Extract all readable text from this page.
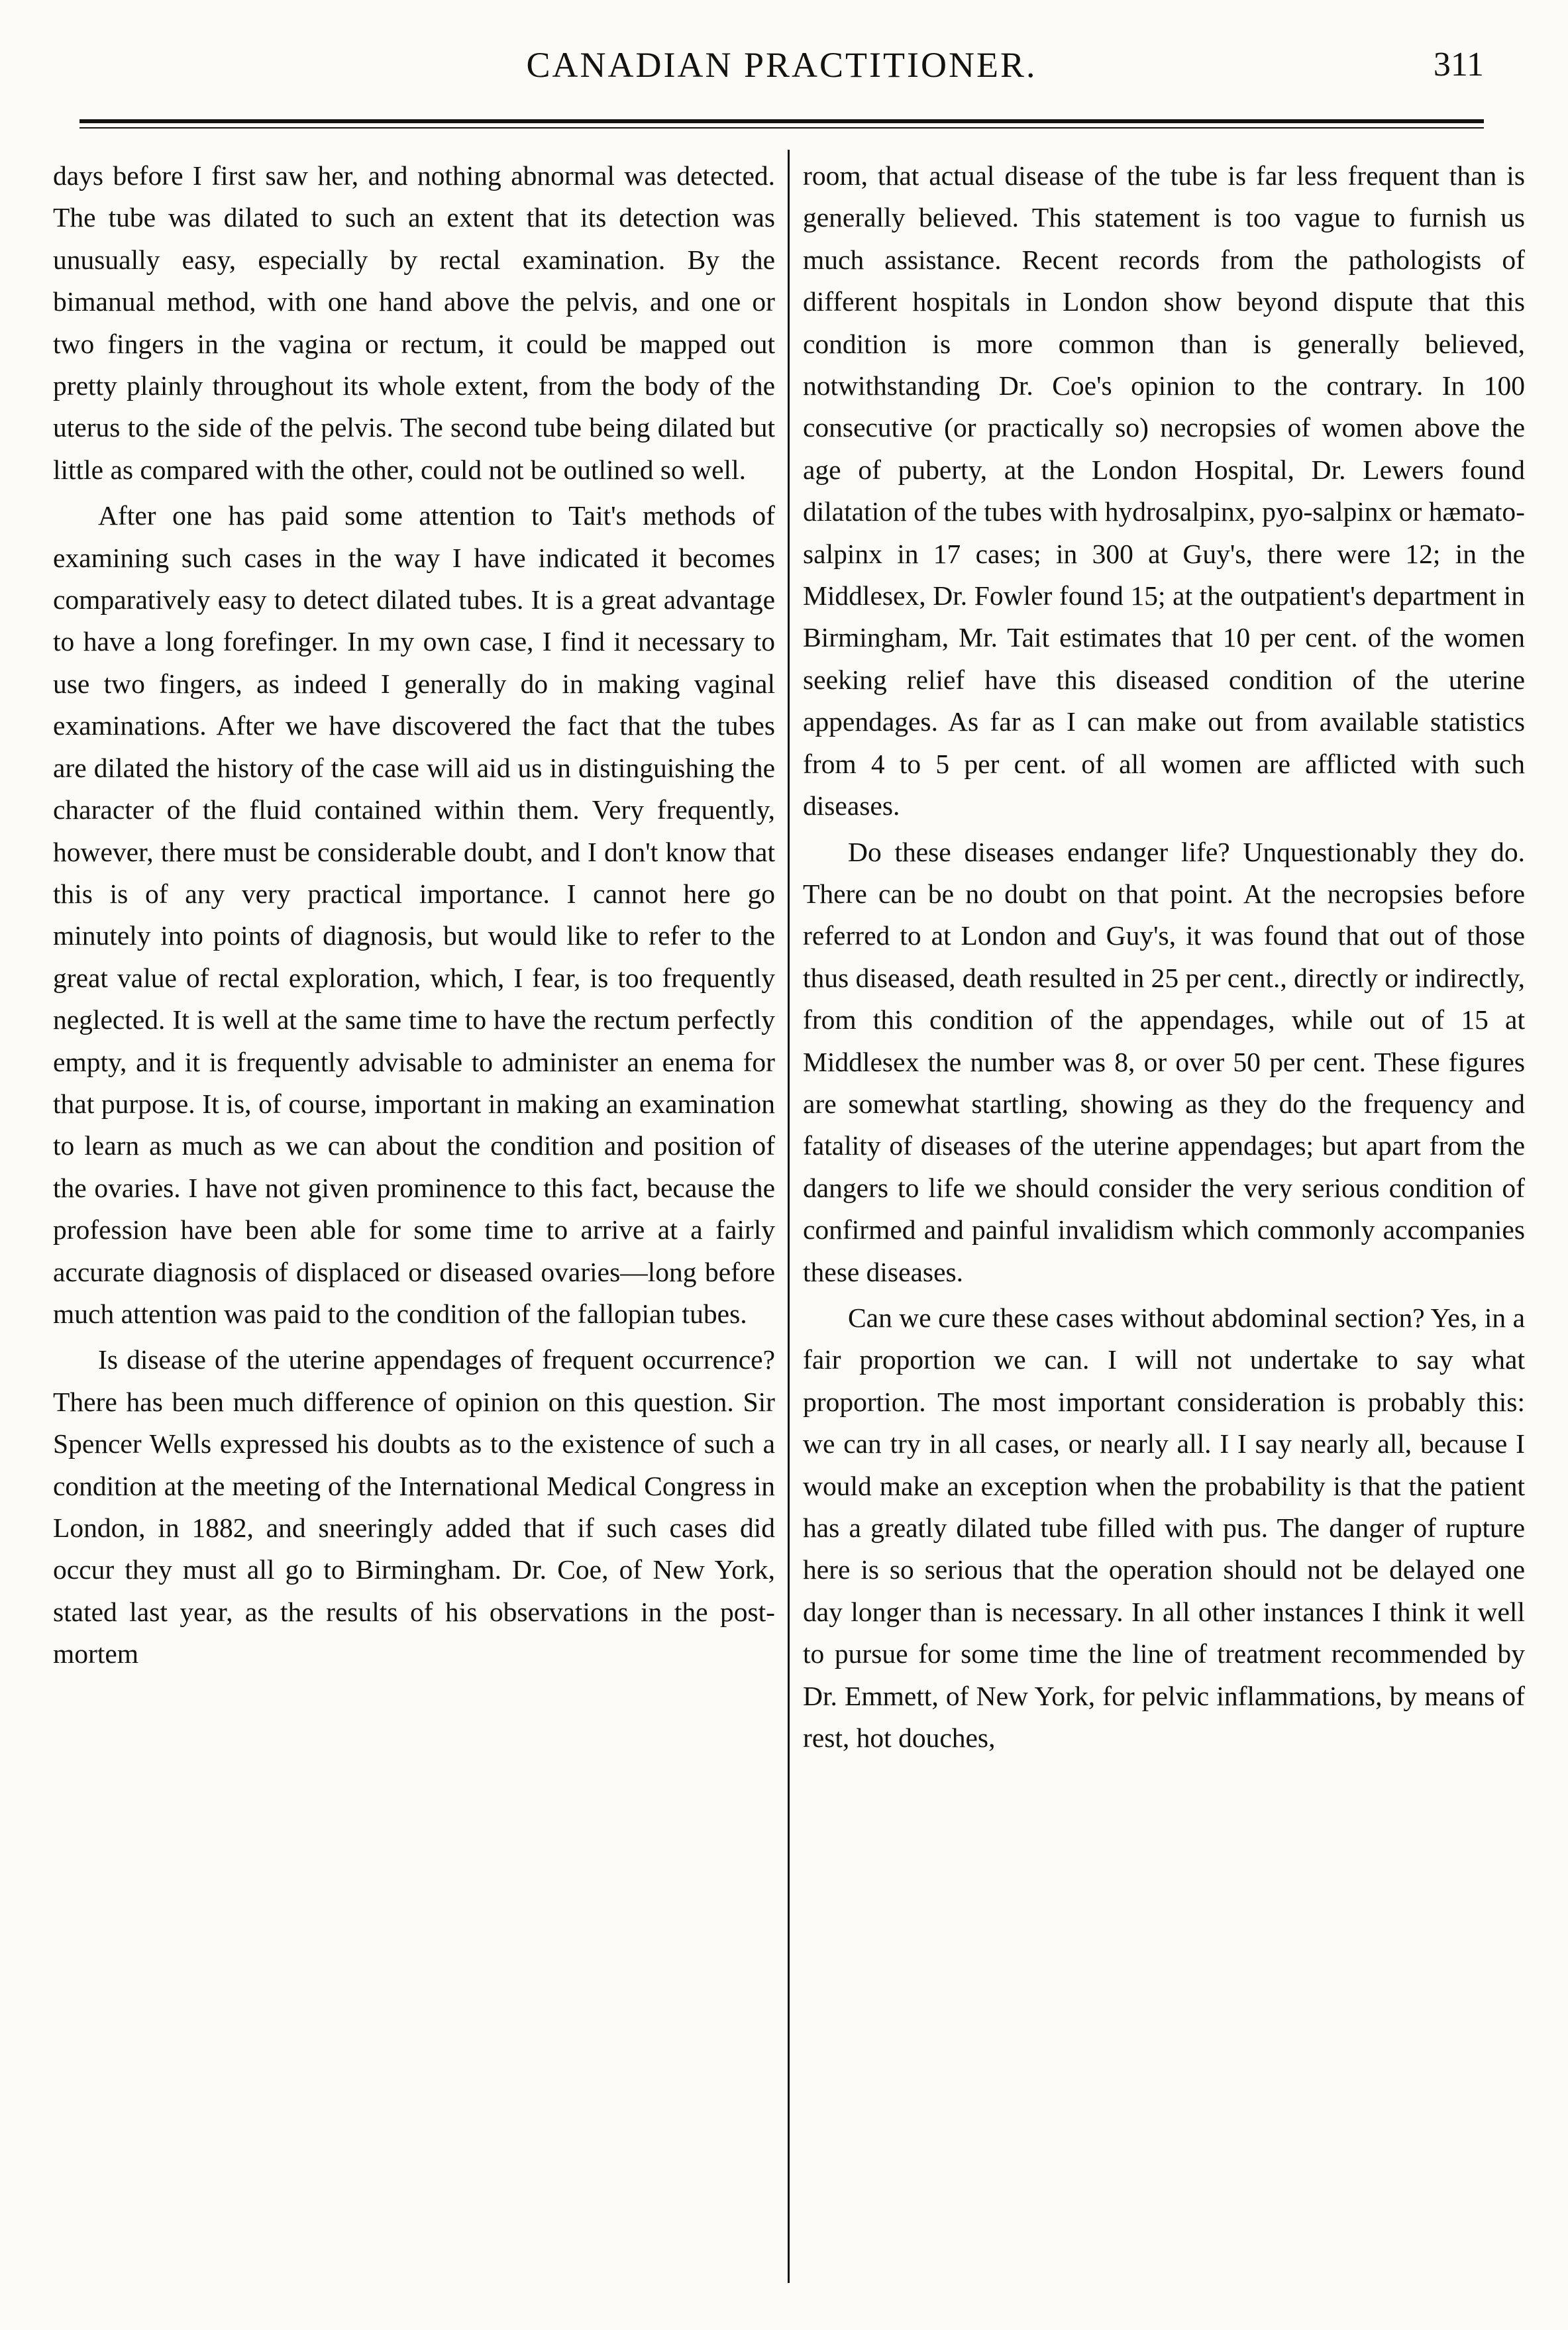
CANADIAN PRACTITIONER.	311

days before I first saw her, and nothing abnormal was detected. The tube was dilated to such an extent that its detection was unusually easy, especially by rectal examination. By the bimanual method, with one hand above the pelvis, and one or two fingers in the vagina or rectum, it could be mapped out pretty plainly throughout its whole extent, from the body of the uterus to the side of the pelvis. The second tube being dilated but little as compared with the other, could not be outlined so well.

After one has paid some attention to Tait's methods of examining such cases in the way I have indicated it becomes comparatively easy to detect dilated tubes. It is a great advantage to have a long forefinger. In my own case, I find it necessary to use two fingers, as indeed I generally do in making vaginal examinations. After we have discovered the fact that the tubes are dilated the history of the case will aid us in distinguishing the character of the fluid contained within them. Very frequently, however, there must be considerable doubt, and I don't know that this is of any very practical importance. I cannot here go minutely into points of diagnosis, but would like to refer to the great value of rectal exploration, which, I fear, is too frequently neglected. It is well at the same time to have the rectum perfectly empty, and it is frequently advisable to administer an enema for that purpose. It is, of course, important in making an examination to learn as much as we can about the condition and position of the ovaries. I have not given prominence to this fact, because the profession have been able for some time to arrive at a fairly accurate diagnosis of displaced or diseased ovaries—long before much attention was paid to the condition of the fallopian tubes.

Is disease of the uterine appendages of frequent occurrence? There has been much difference of opinion on this question. Sir Spencer Wells expressed his doubts as to the existence of such a condition at the meeting of the International Medical Congress in London, in 1882, and sneeringly added that if such cases did occur they must all go to Birmingham. Dr. Coe, of New York, stated last year, as the results of his observations in the post-mortem

room, that actual disease of the tube is far less frequent than is generally believed. This statement is too vague to furnish us much assistance. Recent records from the pathologists of different hospitals in London show beyond dispute that this condition is more common than is generally believed, notwithstanding Dr. Coe's opinion to the contrary. In 100 consecutive (or practically so) necropsies of women above the age of puberty, at the London Hospital, Dr. Lewers found dilatation of the tubes with hydrosalpinx, pyo-salpinx or hæmato-salpinx in 17 cases; in 300 at Guy's, there were 12; in the Middlesex, Dr. Fowler found 15; at the outpatient's department in Birmingham, Mr. Tait estimates that 10 per cent. of the women seeking relief have this diseased condition of the uterine appendages. As far as I can make out from available statistics from 4 to 5 per cent. of all women are afflicted with such diseases.

Do these diseases endanger life? Unquestionably they do. There can be no doubt on that point. At the necropsies before referred to at London and Guy's, it was found that out of those thus diseased, death resulted in 25 per cent., directly or indirectly, from this condition of the appendages, while out of 15 at Middlesex the number was 8, or over 50 per cent. These figures are somewhat startling, showing as they do the frequency and fatality of diseases of the uterine appendages; but apart from the dangers to life we should consider the very serious condition of confirmed and painful invalidism which commonly accompanies these diseases.

Can we cure these cases without abdominal section? Yes, in a fair proportion we can. I will not undertake to say what proportion. The most important consideration is probably this: we can try in all cases, or nearly all. I I say nearly all, because I would make an exception when the probability is that the patient has a greatly dilated tube filled with pus. The danger of rupture here is so serious that the operation should not be delayed one day longer than is necessary. In all other instances I think it well to pursue for some time the line of treatment recommended by Dr. Emmett, of New York, for pelvic inflammations, by means of rest, hot douches,
